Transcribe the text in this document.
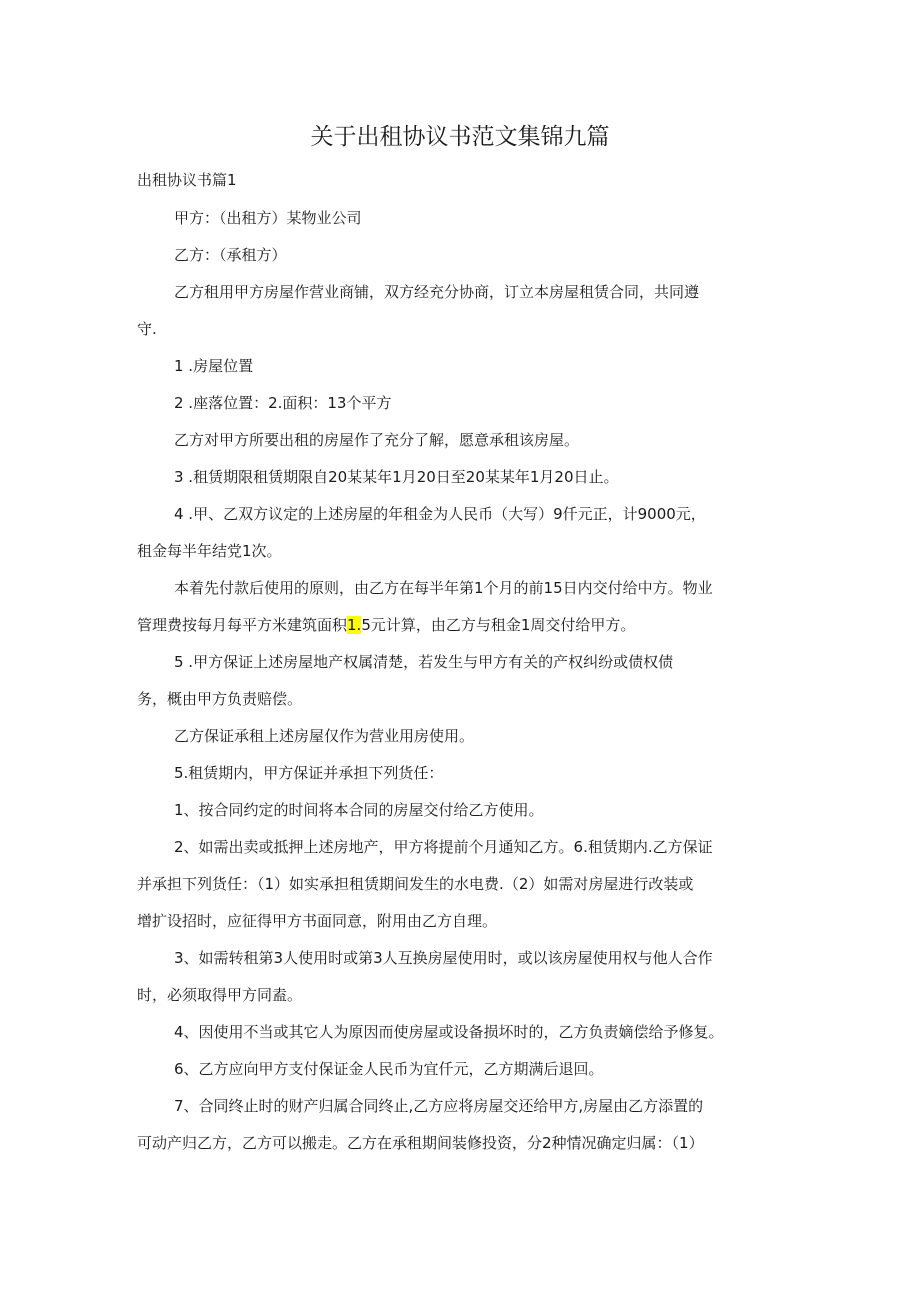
关于出租协议书范文集锦九篇

出租协议书篇1

甲方：（出租方）某物业公司

乙方：（承租方）

乙方租用甲方房屋作营业商铺，双方经充分协商，订立本房屋租赁合同，共同遵

守.

1 .房屋位置

2 .座落位置：2.面积：13个平方

乙方对甲方所要出租的房屋作了充分了解，愿意承租该房屋。

3 .租赁期限租赁期限自20某某年1月20日至20某某年1月20日止。

4 .甲、乙双方议定的上述房屋的年租金为人民币（大写）9仟元正，计9000元，

租金每半年结党1次。

本着先付款后使用的原则，由乙方在每半年第1个月的前15日内交付给中方。物业

管理费按每月每平方米建筑面积1.5元计算，由乙方与租金1周交付给甲方。

5 .甲方保证上述房屋地产权属清楚，若发生与甲方有关的产权纠纷或债权债

务，概由甲方负责赔偿。

乙方保证承租上述房屋仅作为营业用房使用。

5.租赁期内，甲方保证并承担下列货任：

1、按合同约定的时间将本合同的房屋交付给乙方使用。

2、如需出卖或抵押上述房地产，甲方将提前个月通知乙方。6.租赁期内.乙方保证

并承担下列货任：（1）如实承担租赁期间发生的水电费.（2）如需对房屋进行改装或

增扩设招时，应征得甲方书面同意，附用由乙方自理。

3、如需转租第3人使用时或第3人互换房屋使用时，或以该房屋使用权与他人合作

时，必须取得甲方同盍。

4、因使用不当或其它人为原因而使房屋或设备损坏时的，乙方负责嫡偿给予修复。

6、乙方应向甲方支付保证金人民币为宜仟元，乙方期满后退回。

7、合同终止时的财产归属合同终止,乙方应将房屋交还给甲方,房屋由乙方添置的

可动产归乙方，乙方可以搬走。乙方在承租期间装修投资，分2种情况确定归属：（1）
